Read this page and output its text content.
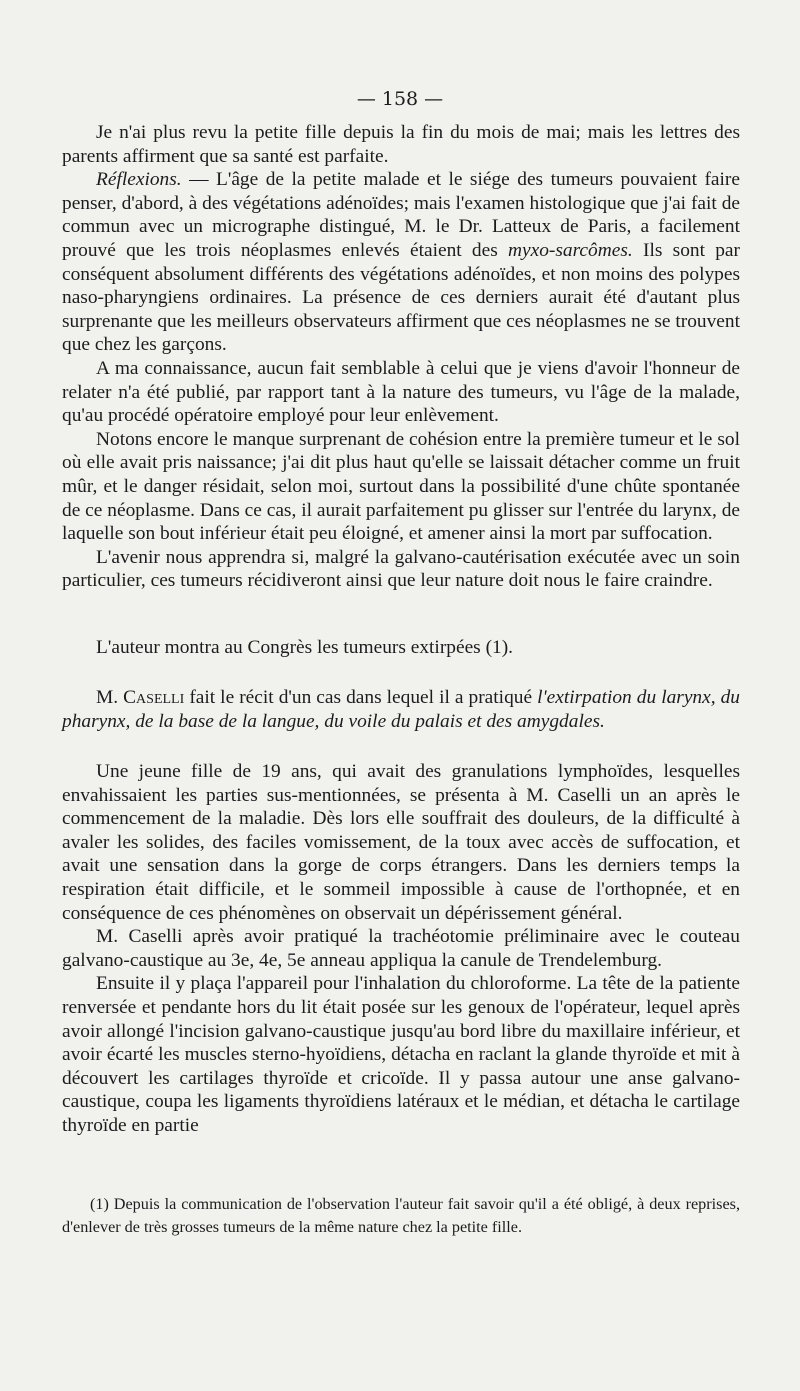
— 158 —

Je n'ai plus revu la petite fille depuis la fin du mois de mai; mais les lettres des parents affirment que sa santé est parfaite.

Réflexions. — L'âge de la petite malade et le siége des tumeurs pouvaient faire penser, d'abord, à des végétations adénoïdes; mais l'examen histologique que j'ai fait de commun avec un micrographe distingué, M. le Dr. Latteux de Paris, a facilement prouvé que les trois néoplasmes enlevés étaient des myxo-sarcômes. Ils sont par conséquent absolument différents des végétations adénoïdes, et non moins des polypes naso-pharyngiens ordinaires. La présence de ces derniers aurait été d'autant plus surprenante que les meilleurs observateurs affirment que ces néoplasmes ne se trouvent que chez les garçons.

A ma connaissance, aucun fait semblable à celui que je viens d'avoir l'honneur de relater n'a été publié, par rapport tant à la nature des tumeurs, vu l'âge de la malade, qu'au procédé opératoire employé pour leur enlèvement.

Notons encore le manque surprenant de cohésion entre la première tumeur et le sol où elle avait pris naissance; j'ai dit plus haut qu'elle se laissait détacher comme un fruit mûr, et le danger résidait, selon moi, surtout dans la possibilité d'une chûte spontanée de ce néoplasme. Dans ce cas, il aurait parfaitement pu glisser sur l'entrée du larynx, de laquelle son bout inférieur était peu éloigné, et amener ainsi la mort par suffocation.

L'avenir nous apprendra si, malgré la galvano-cautérisation exécutée avec un soin particulier, ces tumeurs récidiveront ainsi que leur nature doit nous le faire craindre.

L'auteur montra au Congrès les tumeurs extirpées (1).

M. Caselli fait le récit d'un cas dans lequel il a pratiqué l'extirpation du larynx, du pharynx, de la base de la langue, du voile du palais et des amygdales.

Une jeune fille de 19 ans, qui avait des granulations lymphoïdes, lesquelles envahissaient les parties sus-mentionnées, se présenta à M. Caselli un an après le commencement de la maladie. Dès lors elle souffrait des douleurs, de la difficulté à avaler les solides, des faciles vomissement, de la toux avec accès de suffocation, et avait une sensation dans la gorge de corps étrangers. Dans les derniers temps la respiration était difficile, et le sommeil impossible à cause de l'orthopnée, et en conséquence de ces phénomènes on observait un dépérissement général.

M. Caselli après avoir pratiqué la trachéotomie préliminaire avec le couteau galvano-caustique au 3e, 4e, 5e anneau appliqua la canule de Trendelemburg.

Ensuite il y plaça l'appareil pour l'inhalation du chloroforme. La tête de la patiente renversée et pendante hors du lit était posée sur les genoux de l'opérateur, lequel après avoir allongé l'incision galvano-caustique jusqu'au bord libre du maxillaire inférieur, et avoir écarté les muscles sterno-hyoïdiens, détacha en raclant la glande thyroïde et mit à découvert les cartilages thyroïde et cricoïde. Il y passa autour une anse galvano-caustique, coupa les ligaments thyroïdiens latéraux et le médian, et détacha le cartilage thyroïde en partie

(1) Depuis la communication de l'observation l'auteur fait savoir qu'il a été obligé, à deux reprises, d'enlever de très grosses tumeurs de la même nature chez la petite fille.
